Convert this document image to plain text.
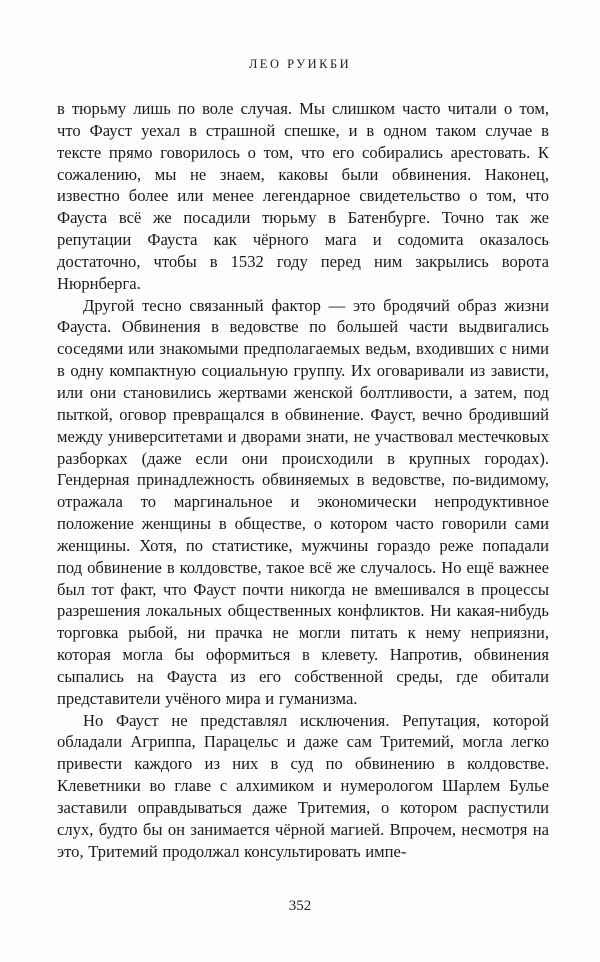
ЛЕО РУИКБИ

в тюрьму лишь по воле случая. Мы слишком часто читали о том, что Фауст уехал в страшной спешке, и в одном таком случае в тексте прямо говорилось о том, что его собирались арестовать. К сожалению, мы не знаем, каковы были обвинения. Наконец, известно более или менее легендарное свидетельство о том, что Фауста всё же посадили тюрьму в Батенбурге. Точно так же репутации Фауста как чёрного мага и содомита оказалось достаточно, чтобы в 1532 году перед ним закрылись ворота Нюрнберга.

Другой тесно связанный фактор — это бродячий образ жизни Фауста. Обвинения в ведовстве по большей части выдвигались соседями или знакомыми предполагаемых ведьм, входивших с ними в одну компактную социальную группу. Их оговаривали из зависти, или они становились жертвами женской болтливости, а затем, под пыткой, оговор превращался в обвинение. Фауст, вечно бродивший между университетами и дворами знати, не участвовал местечковых разборках (даже если они происходили в крупных городах). Гендерная принадлежность обвиняемых в ведовстве, по-видимому, отражала то маргинальное и экономически непродуктивное положение женщины в обществе, о котором часто говорили сами женщины. Хотя, по статистике, мужчины гораздо реже попадали под обвинение в колдовстве, такое всё же случалось. Но ещё важнее был тот факт, что Фауст почти никогда не вмешивался в процессы разрешения локальных общественных конфликтов. Ни какая-нибудь торговка рыбой, ни прачка не могли питать к нему неприязни, которая могла бы оформиться в клевету. Напротив, обвинения сыпались на Фауста из его собственной среды, где обитали представители учёного мира и гуманизма.

Но Фауст не представлял исключения. Репутация, которой обладали Агриппа, Парацельс и даже сам Тритемий, могла легко привести каждого из них в суд по обвинению в колдовстве. Клеветники во главе с алхимиком и нумерологом Шарлем Булье заставили оправдываться даже Тритемия, о котором распустили слух, будто бы он занимается чёрной магией. Впрочем, несмотря на это, Тритемий продолжал консультировать импе-

352
